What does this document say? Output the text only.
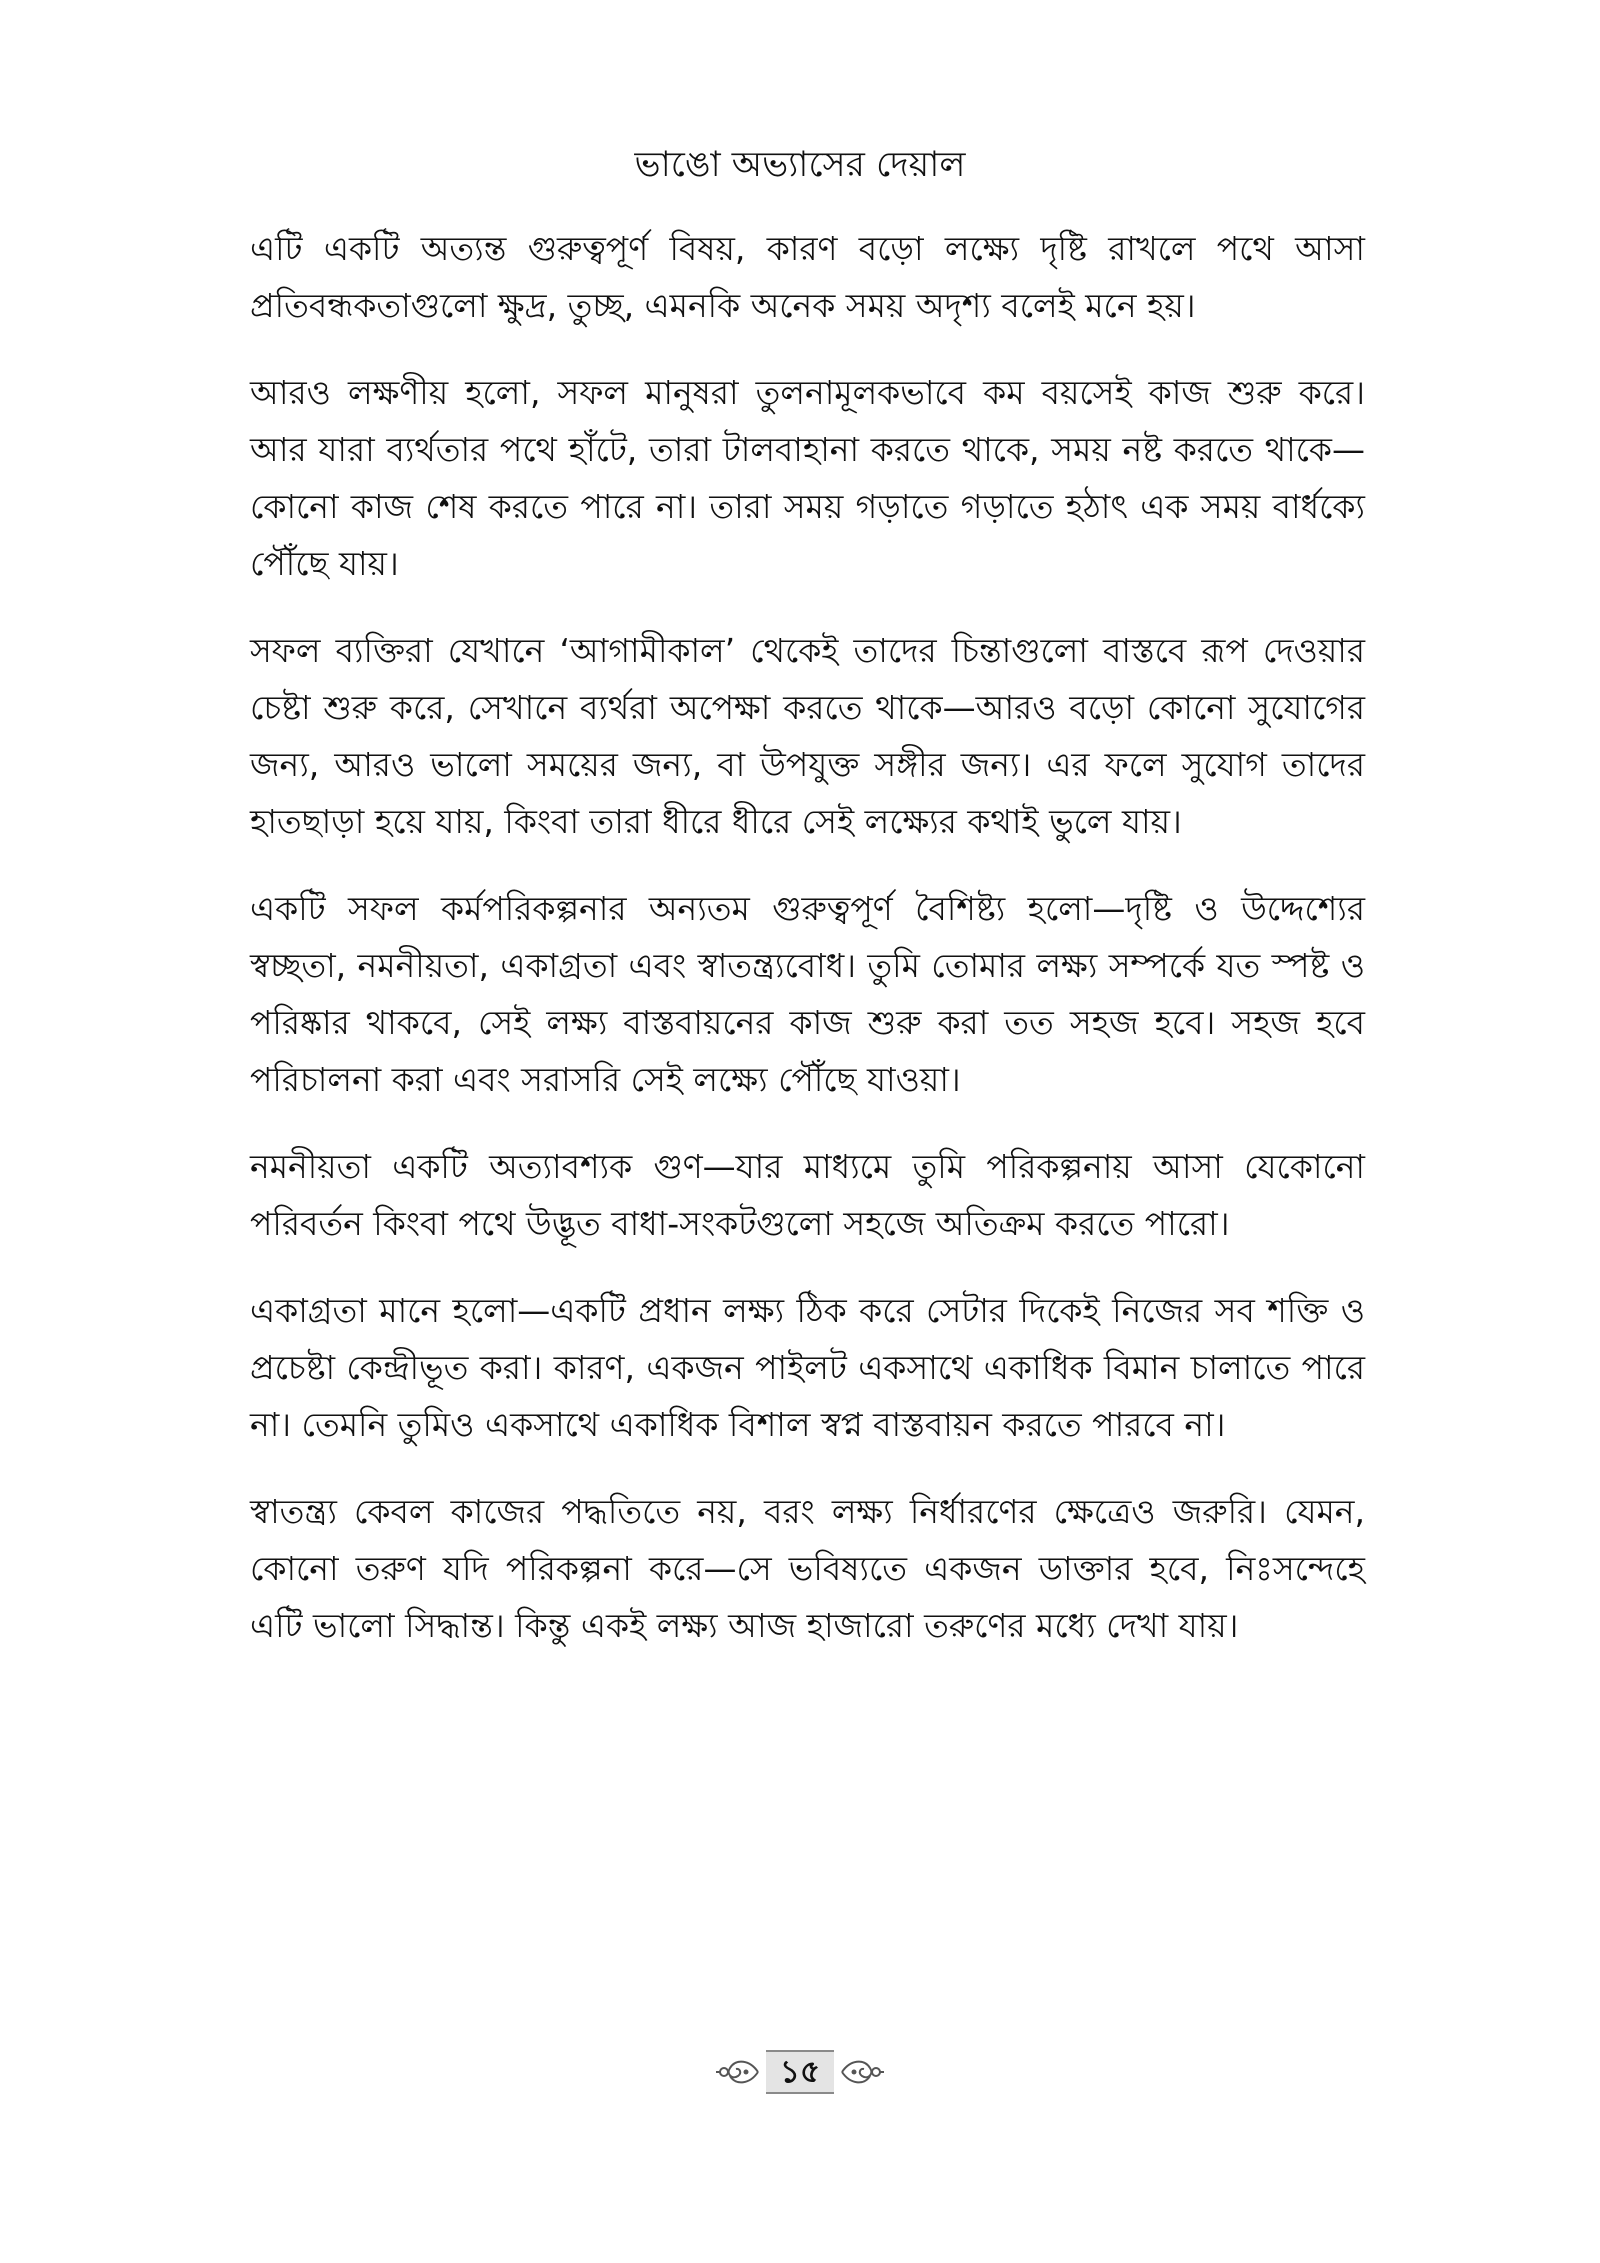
ভাঙো অভ্যাসের দেয়াল

এটি একটি অত্যন্ত গুরুত্বপূর্ণ বিষয়, কারণ বড়ো লক্ষ্যে দৃষ্টি রাখলে পথে আসা প্রতিবন্ধকতাগুলো ক্ষুদ্র, তুচ্ছ, এমনকি অনেক সময় অদৃশ্য বলেই মনে হয়।

আরও লক্ষণীয় হলো, সফল মানুষরা তুলনামূলকভাবে কম বয়সেই কাজ শুরু করে। আর যারা ব্যর্থতার পথে হাঁটে, তারা টালবাহানা করতে থাকে, সময় নষ্ট করতে থাকে—কোনো কাজ শেষ করতে পারে না। তারা সময় গড়াতে গড়াতে হঠাৎ এক সময় বার্ধক্যে পৌঁছে যায়।

সফল ব্যক্তিরা যেখানে ‘আগামীকাল’ থেকেই তাদের চিন্তাগুলো বাস্তবে রূপ দেওয়ার চেষ্টা শুরু করে, সেখানে ব্যর্থরা অপেক্ষা করতে থাকে—আরও বড়ো কোনো সুযোগের জন্য, আরও ভালো সময়ের জন্য, বা উপযুক্ত সঙ্গীর জন্য। এর ফলে সুযোগ তাদের হাতছাড়া হয়ে যায়, কিংবা তারা ধীরে ধীরে সেই লক্ষ্যের কথাই ভুলে যায়।

একটি সফল কর্মপরিকল্পনার অন্যতম গুরুত্বপূর্ণ বৈশিষ্ট্য হলো—দৃষ্টি ও উদ্দেশ্যের স্বচ্ছতা, নমনীয়তা, একাগ্রতা এবং স্বাতন্ত্র্যবোধ। তুমি তোমার লক্ষ্য সম্পর্কে যত স্পষ্ট ও পরিষ্কার থাকবে, সেই লক্ষ্য বাস্তবায়নের কাজ শুরু করা তত সহজ হবে। সহজ হবে পরিচালনা করা এবং সরাসরি সেই লক্ষ্যে পৌঁছে যাওয়া।

নমনীয়তা একটি অত্যাবশ্যক গুণ—যার মাধ্যমে তুমি পরিকল্পনায় আসা যেকোনো পরিবর্তন কিংবা পথে উদ্ভূত বাধা-সংকটগুলো সহজে অতিক্রম করতে পারো।

একাগ্রতা মানে হলো—একটি প্রধান লক্ষ্য ঠিক করে সেটার দিকেই নিজের সব শক্তি ও প্রচেষ্টা কেন্দ্রীভূত করা। কারণ, একজন পাইলট একসাথে একাধিক বিমান চালাতে পারে না। তেমনি তুমিও একসাথে একাধিক বিশাল স্বপ্ন বাস্তবায়ন করতে পারবে না।

স্বাতন্ত্র্য কেবল কাজের পদ্ধতিতে নয়, বরং লক্ষ্য নির্ধারণের ক্ষেত্রেও জরুরি। যেমন, কোনো তরুণ যদি পরিকল্পনা করে—সে ভবিষ্যতে একজন ডাক্তার হবে, নিঃসন্দেহে এটি ভালো সিদ্ধান্ত। কিন্তু একই লক্ষ্য আজ হাজারো তরুণের মধ্যে দেখা যায়।

১৫
